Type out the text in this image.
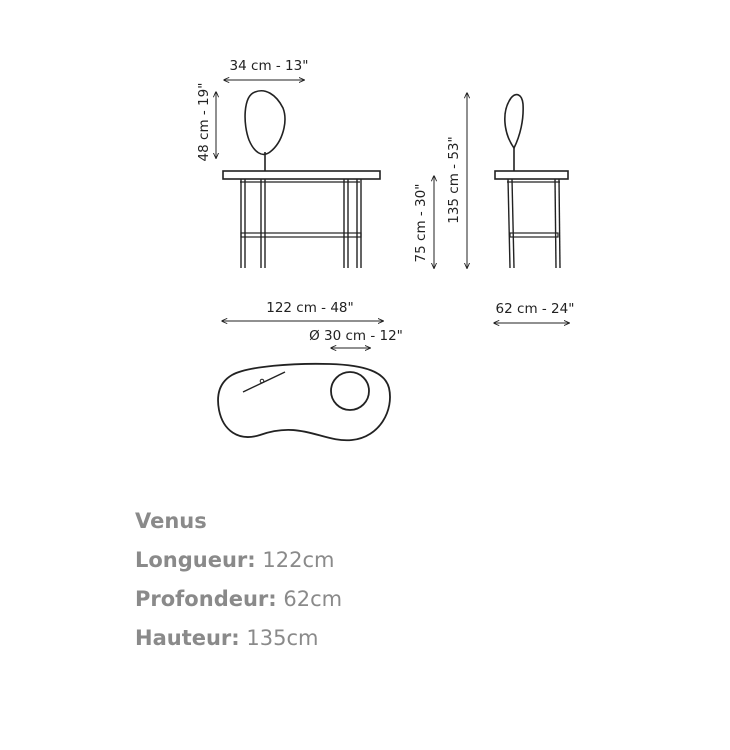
34 cm - 13"
48 cm - 19"
75 cm - 30" 135 cm - 53"
122 cm - 48"	62 cm - 24"
Ø 30 cm - 12"
Venus
Longueur: 122cm
Profondeur: 62cm
Hauteur: 135cm
